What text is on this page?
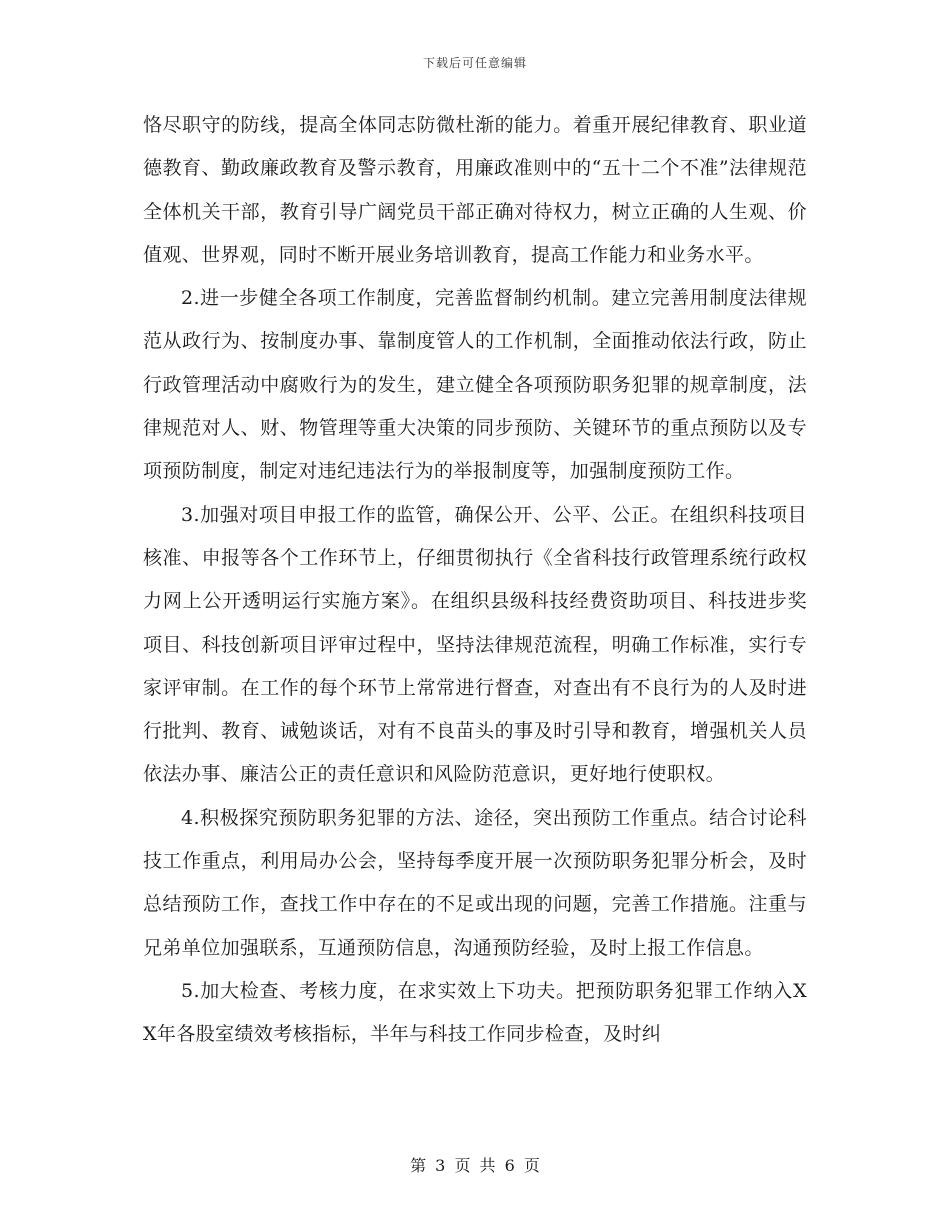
下载后可任意编辑

恪尽职守的防线，提高全体同志防微杜渐的能力。着重开展纪律教育、职业道德教育、勤政廉政教育及警示教育，用廉政准则中的“五十二个不准”法律规范全体机关干部，教育引导广阔党员干部正确对待权力，树立正确的人生观、价值观、世界观，同时不断开展业务培训教育，提高工作能力和业务水平。

2.进一步健全各项工作制度，完善监督制约机制。建立完善用制度法律规范从政行为、按制度办事、靠制度管人的工作机制，全面推动依法行政，防止行政管理活动中腐败行为的发生，建立健全各项预防职务犯罪的规章制度，法律规范对人、财、物管理等重大决策的同步预防、关键环节的重点预防以及专项预防制度，制定对违纪违法行为的举报制度等，加强制度预防工作。

3.加强对项目申报工作的监管，确保公开、公平、公正。在组织科技项目核准、申报等各个工作环节上，仔细贯彻执行《全省科技行政管理系统行政权力网上公开透明运行实施方案》。在组织县级科技经费资助项目、科技进步奖项目、科技创新项目评审过程中，坚持法律规范流程，明确工作标准，实行专家评审制。在工作的每个环节上常常进行督查，对查出有不良行为的人及时进行批判、教育、诫勉谈话，对有不良苗头的事及时引导和教育，增强机关人员依法办事、廉洁公正的责任意识和风险防范意识，更好地行使职权。

4.积极探究预防职务犯罪的方法、途径，突出预防工作重点。结合讨论科技工作重点，利用局办公会，坚持每季度开展一次预防职务犯罪分析会，及时总结预防工作，查找工作中存在的不足或出现的问题，完善工作措施。注重与兄弟单位加强联系，互通预防信息，沟通预防经验，及时上报工作信息。

5.加大检查、考核力度，在求实效上下功夫。把预防职务犯罪工作纳入XX年各股室绩效考核指标，半年与科技工作同步检查，及时纠

第 3 页 共 6 页
